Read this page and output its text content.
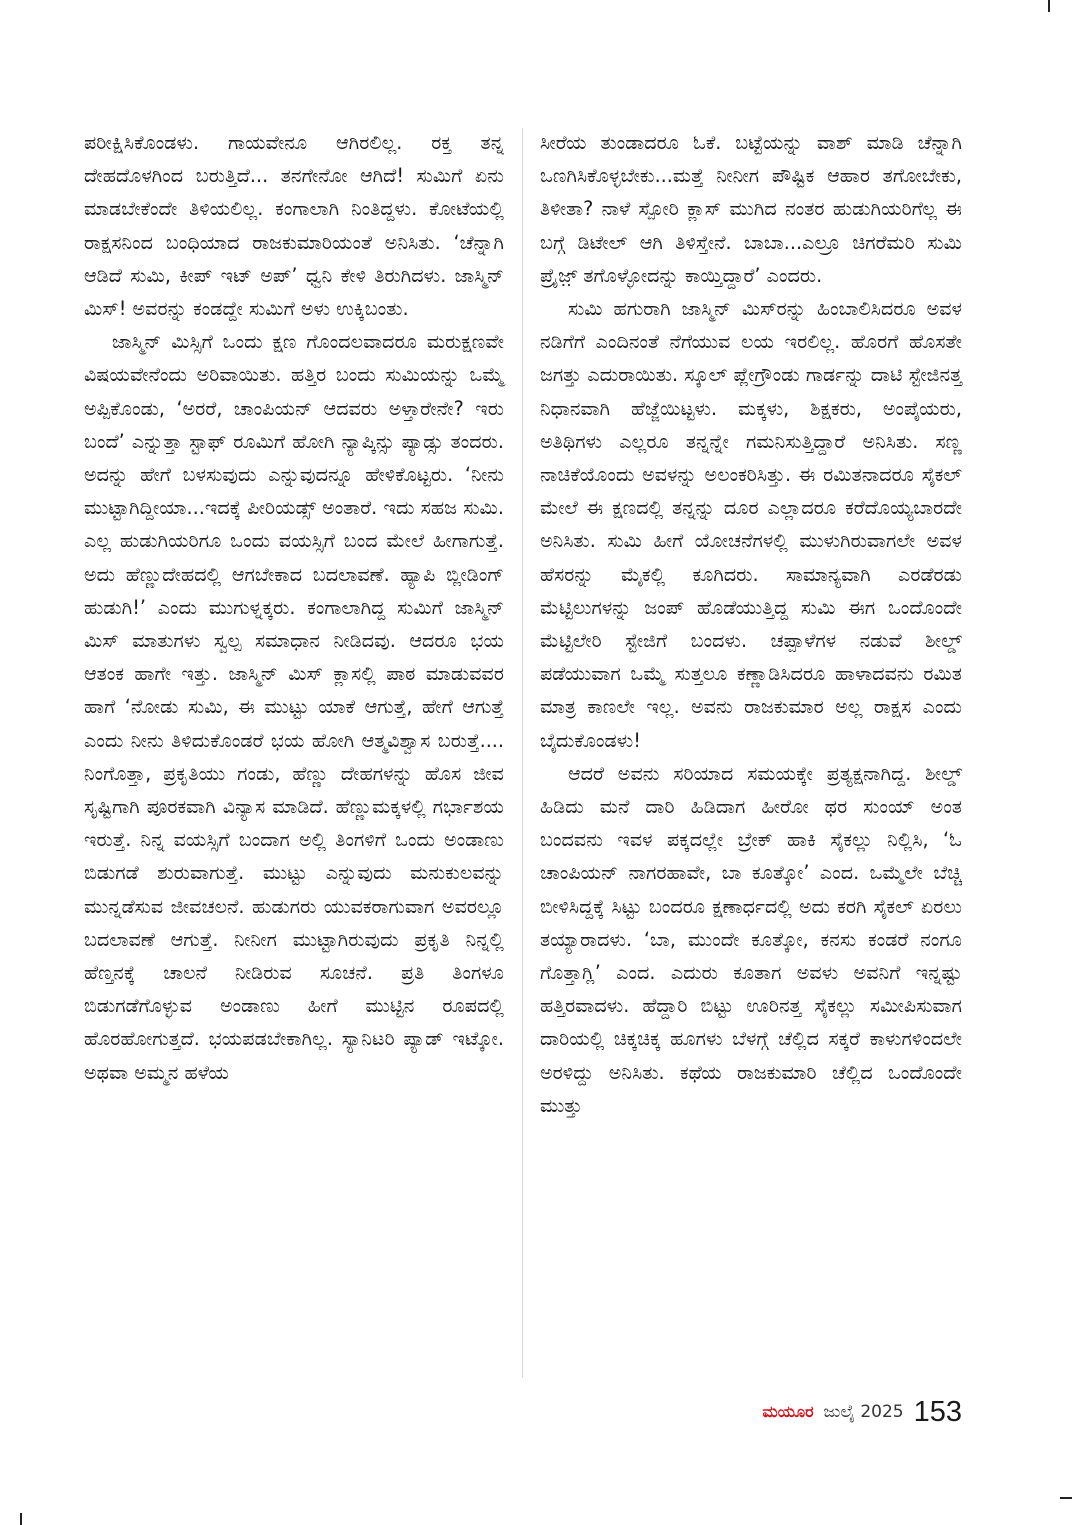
ಪರೀಕ್ಷಿಸಿಕೊಂಡಳು. ಗಾಯವೇನೂ ಆಗಿರಲಿಲ್ಲ. ರಕ್ತ ತನ್ನ ದೇಹದೊಳಗಿಂದ ಬರುತ್ತಿದೆ... ತನಗೇನೋ ಆಗಿದೆ! ಸುಮಿಗೆ ಏನು ಮಾಡಬೇಕೆಂದೇ ತಿಳಿಯಲಿಲ್ಲ. ಕಂಗಾಲಾಗಿ ನಿಂತಿದ್ದಳು. ಕೋಟೆಯಲ್ಲಿ ರಾಕ್ಷಸನಿಂದ ಬಂಧಿಯಾದ ರಾಜಕುಮಾರಿಯಂತೆ ಅನಿಸಿತು. ‘ಚೆನ್ನಾಗಿ ಆಡಿದೆ ಸುಮಿ, ಕೀಪ್ ಇಟ್ ಅಪ್’ ಧ್ವನಿ ಕೇಳಿ ತಿರುಗಿದಳು. ಜಾಸ್ಮಿನ್ ಮಿಸ್! ಅವರನ್ನು ಕಂಡದ್ದೇ ಸುಮಿಗೆ ಅಳು ಉಕ್ಕಿಬಂತು.

ಜಾಸ್ಮಿನ್ ಮಿಸ್ಸಿಗೆ ಒಂದು ಕ್ಷಣ ಗೊಂದಲವಾದರೂ ಮರುಕ್ಷಣವೇ ವಿಷಯವೇನೆಂದು ಅರಿವಾಯಿತು. ಹತ್ತಿರ ಬಂದು ಸುಮಿಯನ್ನು ಒಮ್ಮೆ ಅಪ್ಪಿಕೊಂಡು, ‘ಅರರೆ, ಚಾಂಪಿಯನ್ ಆದವರು ಅಳ್ತಾರೇನೇ? ಇರು ಬಂದೆ’ ಎನ್ನುತ್ತಾ ಸ್ಟಾಫ್ ರೂಮಿಗೆ ಹೋಗಿ ನ್ಯಾಪ್ಕಿನ್ಸು ಪ್ಯಾಡ್ಸು ತಂದರು. ಅದನ್ನು ಹೇಗೆ ಬಳಸುವುದು ಎನ್ನುವುದನ್ನೂ ಹೇಳಿಕೊಟ್ಟರು. ‘ನೀನು ಮುಟ್ಟಾಗಿದ್ದೀಯಾ...ಇದಕ್ಕೆ ಪೀರಿಯಡ್ಸ್ ಅಂತಾರೆ. ಇದು ಸಹಜ ಸುಮಿ. ಎಲ್ಲ ಹುಡುಗಿಯರಿಗೂ ಒಂದು ವಯಸ್ಸಿಗೆ ಬಂದ ಮೇಲೆ ಹೀಗಾಗುತ್ತೆ. ಅದು ಹೆಣ್ಣುದೇಹದಲ್ಲಿ ಆಗಬೇಕಾದ ಬದಲಾವಣೆ. ಹ್ಯಾಪಿ ಬ್ಲೀಡಿಂಗ್ ಹುಡುಗಿ!’ ಎಂದು ಮುಗುಳ್ನಕ್ಕರು. ಕಂಗಾಲಾಗಿದ್ದ ಸುಮಿಗೆ ಜಾಸ್ಮಿನ್ ಮಿಸ್ ಮಾತುಗಳು ಸ್ವಲ್ಪ ಸಮಾಧಾನ ನೀಡಿದವು. ಆದರೂ ಭಯ ಆತಂಕ ಹಾಗೇ ಇತ್ತು. ಜಾಸ್ಮಿನ್ ಮಿಸ್ ಕ್ಲಾಸಲ್ಲಿ ಪಾಠ ಮಾಡುವವರ ಹಾಗೆ ‘ನೋಡು ಸುಮಿ, ಈ ಮುಟ್ಟು ಯಾಕೆ ಆಗುತ್ತೆ, ಹೇಗೆ ಆಗುತ್ತೆ ಎಂದು ನೀನು ತಿಳಿದುಕೊಂಡರೆ ಭಯ ಹೋಗಿ ಆತ್ಮವಿಶ್ವಾಸ ಬರುತ್ತೆ.... ನಿಂಗೊತ್ತಾ, ಪ್ರಕೃತಿಯು ಗಂಡು, ಹೆಣ್ಣು ದೇಹಗಳನ್ನು ಹೊಸ ಜೀವ ಸೃಷ್ಟಿಗಾಗಿ ಪೂರಕವಾಗಿ ವಿನ್ಯಾಸ ಮಾಡಿದೆ. ಹೆಣ್ಣುಮಕ್ಕಳಲ್ಲಿ ಗರ್ಭಾಶಯ ಇರುತ್ತೆ. ನಿನ್ನ ವಯಸ್ಸಿಗೆ ಬಂದಾಗ ಅಲ್ಲಿ ತಿಂಗಳಿಗೆ ಒಂದು ಅಂಡಾಣು ಬಿಡುಗಡೆ ಶುರುವಾಗುತ್ತೆ. ಮುಟ್ಟು ಎನ್ನುವುದು ಮನುಕುಲವನ್ನು ಮುನ್ನಡೆಸುವ ಜೀವಚಲನೆ. ಹುಡುಗರು ಯುವಕರಾಗುವಾಗ ಅವರಲ್ಲೂ ಬದಲಾವಣೆ ಆಗುತ್ತೆ. ನೀನೀಗ ಮುಟ್ಟಾಗಿರುವುದು ಪ್ರಕೃತಿ ನಿನ್ನಲ್ಲಿ ಹೆಣ್ತನಕ್ಕೆ ಚಾಲನೆ ನೀಡಿರುವ ಸೂಚನೆ. ಪ್ರತಿ ತಿಂಗಳೂ ಬಿಡುಗಡೆಗೊಳ್ಳುವ ಅಂಡಾಣು ಹೀಗೆ ಮುಟ್ಟಿನ ರೂಪದಲ್ಲಿ ಹೊರಹೋಗುತ್ತದೆ. ಭಯಪಡಬೇಕಾಗಿಲ್ಲ. ಸ್ಯಾನಿಟರಿ ಪ್ಯಾಡ್ ಇಟ್ಕೋ. ಅಥವಾ ಅಮ್ಮನ ಹಳೆಯ

ಸೀರೆಯ ತುಂಡಾದರೂ ಓಕೆ. ಬಟ್ಟೆಯನ್ನು ವಾಶ್ ಮಾಡಿ ಚೆನ್ನಾಗಿ ಒಣಗಿಸಿಕೊಳ್ಳಬೇಕು...ಮತ್ತೆ ನೀನೀಗ ಪೌಷ್ಟಿಕ ಆಹಾರ ತಗೋಬೇಕು, ತಿಳೀತಾ? ನಾಳೆ ಸ್ಪೋರಿ ಕ್ಲಾಸ್ ಮುಗಿದ ನಂತರ ಹುಡುಗಿಯರಿಗೆಲ್ಲ ಈ ಬಗ್ಗೆ ಡಿಟೇಲ್ ಆಗಿ ತಿಳಿಸ್ತೇನೆ. ಬಾಬಾ...ಎಲ್ರೂ ಚಿಗರೆಮರಿ ಸುಮಿ ಪ್ರೈಜ಼್ ತಗೊಳ್ಳೋದನ್ನು ಕಾಯ್ತಿದ್ದಾರೆ’ ಎಂದರು.

ಸುಮಿ ಹಗುರಾಗಿ ಜಾಸ್ಮಿನ್ ಮಿಸ್‌ರನ್ನು ಹಿಂಬಾಲಿಸಿದರೂ ಅವಳ ನಡಿಗೆಗೆ ಎಂದಿನಂತೆ ನೆಗೆಯುವ ಲಯ ಇರಲಿಲ್ಲ. ಹೊರಗೆ ಹೊಸತೇ ಜಗತ್ತು ಎದುರಾಯಿತು. ಸ್ಕೂಲ್ ಪ್ಲೇಗ್ರೌಂಡು ಗಾರ್ಡನ್ನು ದಾಟಿ ಸ್ಟೇಜಿನತ್ತ ನಿಧಾನವಾಗಿ ಹೆಜ್ಜೆಯಿಟ್ಟಳು. ಮಕ್ಕಳು, ಶಿಕ್ಷಕರು, ಅಂಪೈಯರು, ಅತಿಥಿಗಳು ಎಲ್ಲರೂ ತನ್ನನ್ನೇ ಗಮನಿಸುತ್ತಿದ್ದಾರೆ ಅನಿಸಿತು. ಸಣ್ಣ ನಾಚಿಕೆಯೊಂದು ಅವಳನ್ನು ಅಲಂಕರಿಸಿತ್ತು. ಈ ರಮಿತನಾದರೂ ಸೈಕಲ್ ಮೇಲೆ ಈ ಕ್ಷಣದಲ್ಲಿ ತನ್ನನ್ನು ದೂರ ಎಲ್ಲಾದರೂ ಕರೆದೊಯ್ಯಬಾರದೇ ಅನಿಸಿತು. ಸುಮಿ ಹೀಗೆ ಯೋಚನೆಗಳಲ್ಲಿ ಮುಳುಗಿರುವಾಗಲೇ ಅವಳ ಹೆಸರನ್ನು ಮೈಕಲ್ಲಿ ಕೂಗಿದರು. ಸಾಮಾನ್ಯವಾಗಿ ಎರಡೆರಡು ಮೆಟ್ಟಿಲುಗಳನ್ನು ಜಂಪ್ ಹೊಡೆಯುತ್ತಿದ್ದ ಸುಮಿ ಈಗ ಒಂದೊಂದೇ ಮೆಟ್ಟಿಲೇರಿ ಸ್ಟೇಜಿಗೆ ಬಂದಳು. ಚಪ್ಪಾಳೆಗಳ ನಡುವೆ ಶೀಲ್ಡ್ ಪಡೆಯುವಾಗ ಒಮ್ಮೆ ಸುತ್ತಲೂ ಕಣ್ಣಾಡಿಸಿದರೂ ಹಾಳಾದವನು ರಮಿತ ಮಾತ್ರ ಕಾಣಲೇ ಇಲ್ಲ. ಅವನು ರಾಜಕುಮಾರ ಅಲ್ಲ ರಾಕ್ಷಸ ಎಂದು ಬೈದುಕೊಂಡಳು!

ಆದರೆ ಅವನು ಸರಿಯಾದ ಸಮಯಕ್ಕೇ ಪ್ರತ್ಯಕ್ಷನಾಗಿದ್ದ. ಶೀಲ್ಡ್ ಹಿಡಿದು ಮನೆ ದಾರಿ ಹಿಡಿದಾಗ ಹೀರೋ ಥರ ಸುಂಯ್ ಅಂತ ಬಂದವನು ಇವಳ ಪಕ್ಕದಲ್ಲೇ ಬ್ರೇಕ್ ಹಾಕಿ ಸೈಕಲ್ಲು ನಿಲ್ಲಿಸಿ, ‘ಓ ಚಾಂಪಿಯನ್ ನಾಗರಹಾವೇ, ಬಾ ಕೂತ್ಕೋ’ ಎಂದ. ಒಮ್ಮೆಲೇ ಬೆಚ್ಚಿ ಬೀಳಿಸಿದ್ದಕ್ಕೆ ಸಿಟ್ಟು ಬಂದರೂ ಕ್ಷಣಾರ್ಧದಲ್ಲಿ ಅದು ಕರಗಿ ಸೈಕಲ್ ಏರಲು ತಯ್ಯಾರಾದಳು. ‘ಬಾ, ಮುಂದೇ ಕೂತ್ಕೋ, ಕನಸು ಕಂಡರೆ ನಂಗೂ ಗೊತ್ತಾಗ್ಲಿ’ ಎಂದ. ಎದುರು ಕೂತಾಗ ಅವಳು ಅವನಿಗೆ ಇನ್ನಷ್ಟು ಹತ್ತಿರವಾದಳು. ಹೆದ್ದಾರಿ ಬಿಟ್ಟು ಊರಿನತ್ತ ಸೈಕಲ್ಲು ಸಮೀಪಿಸುವಾಗ ದಾರಿಯಲ್ಲಿ ಚಿಕ್ಕಚಿಕ್ಕ ಹೂಗಳು ಬೆಳಗ್ಗೆ ಚೆಲ್ಲಿದ ಸಕ್ಕರೆ ಕಾಳುಗಳಿಂದಲೇ ಅರಳಿದ್ದು ಅನಿಸಿತು. ಕಥೆಯ ರಾಜಕುಮಾರಿ ಚೆಲ್ಲಿದ ಒಂದೊಂದೇ ಮುತ್ತು

ಮಯೂರ ಜುಲೈ 2025 153
